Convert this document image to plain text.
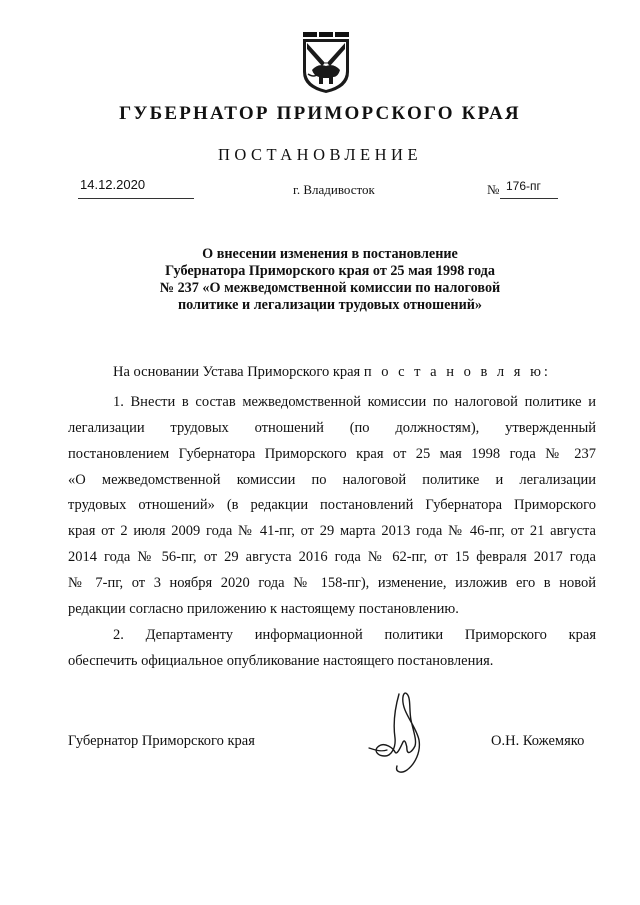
ГУБЕРНАТОР ПРИМОРСКОГО КРАЯ
ПОСТАНОВЛЕНИЕ
14.12.2020	г. Владивосток	№ 176-пг
О внесении изменения в постановление
Губернатора Приморского края от 25 мая 1998 года
№ 237 «О межведомственной комиссии по налоговой
политике и легализации трудовых отношений»
На основании Устава Приморского края п о с т а н о в л я ю:
1. Внести в состав межведомственной комиссии по налоговой политике и
легализации трудовых отношений (по должностям), утвержденный
постановлением Губернатора Приморского края от 25 мая 1998 года № 237
«О межведомственной комиссии по налоговой политике и легализации
трудовых отношений» (в редакции постановлений Губернатора Приморского
края от 2 июля 2009 года № 41-пг, от 29 марта 2013 года № 46-пг, от 21 августа
2014 года № 56-пг, от 29 августа 2016 года № 62-пг, от 15 февраля 2017 года
№ 7-пг, от 3 ноября 2020 года № 158-пг), изменение, изложив его в новой
редакции согласно приложению к настоящему постановлению.
2. Департаменту информационной политики Приморского края
обеспечить официальное опубликование настоящего постановления.
Губернатор Приморского края	О.Н. Кожемяко
